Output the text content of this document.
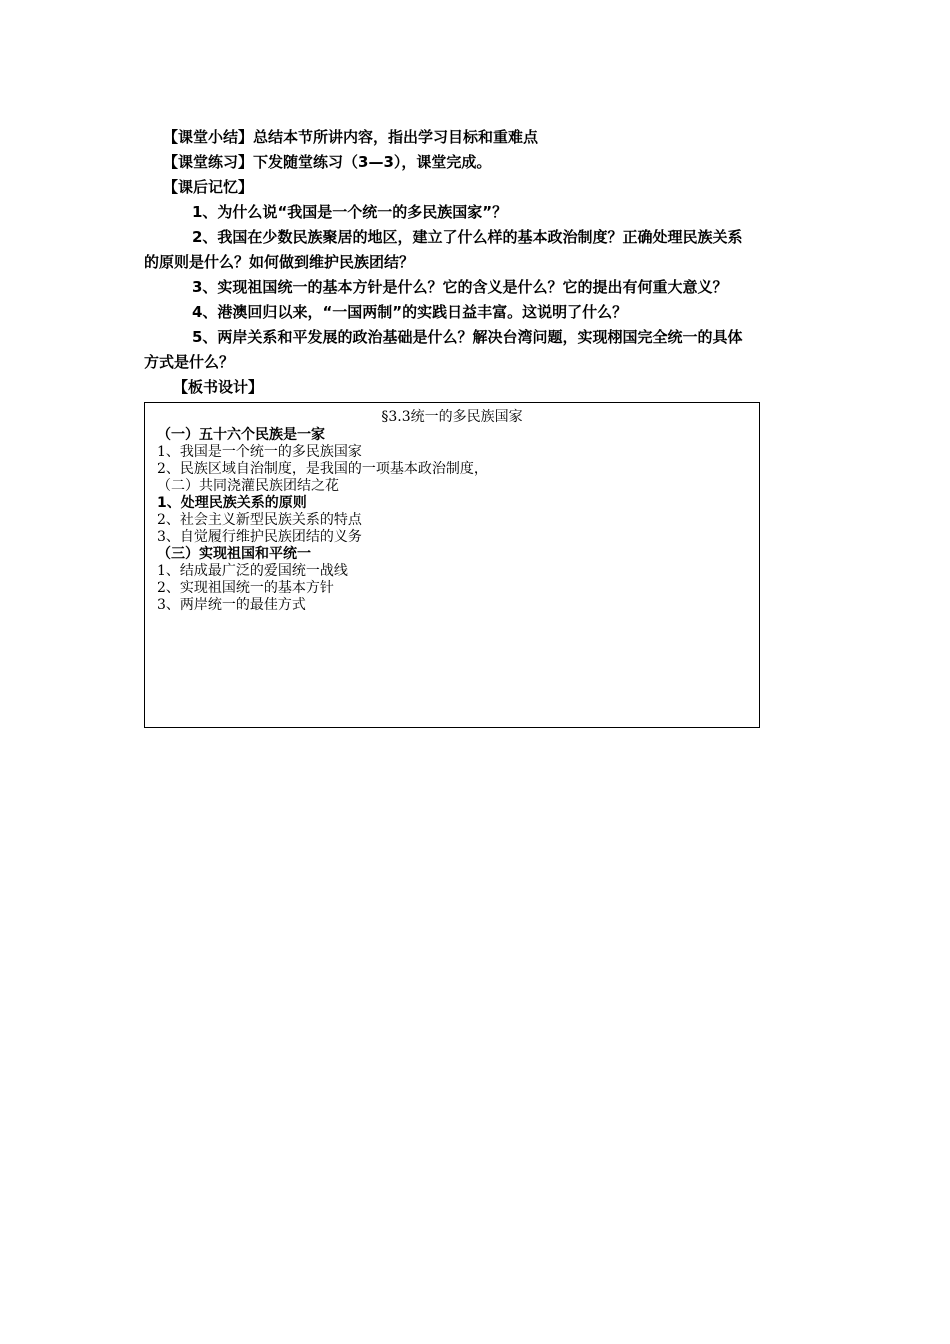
【课堂小结】总结本节所讲内容，指出学习目标和重难点
【课堂练习】下发随堂练习（3—3），课堂完成。
【课后记忆】
1、为什么说“我国是一个统一的多民族国家”？
2、我国在少数民族聚居的地区，建立了什么样的基本政治制度？正确处理民族关系
的原则是什么？如何做到维护民族团结？
3、实现祖国统一的基本方针是什么？它的含义是什么？它的提出有何重大意义？
4、港澳回归以来，“一国两制”的实践日益丰富。这说明了什么？
5、两岸关系和平发展的政治基础是什么？解决台湾问题，实现栩国完全统一的具体
方式是什么？
【板书设计】
§3.3统一的多民族国家
（一）五十六个民族是一家
1、我国是一个统一的多民族国家
2、民族区域自治制度，是我国的一项基本政治制度，
（二）共同浇灌民族团结之花
1、处理民族关系的原则
2、社会主义新型民族关系的特点
3、自觉履行维护民族团结的义务
（三）实现祖国和平统一
1、结成最广泛的爱国统一战线
2、实现祖国统一的基本方针
3、两岸统一的最佳方式
